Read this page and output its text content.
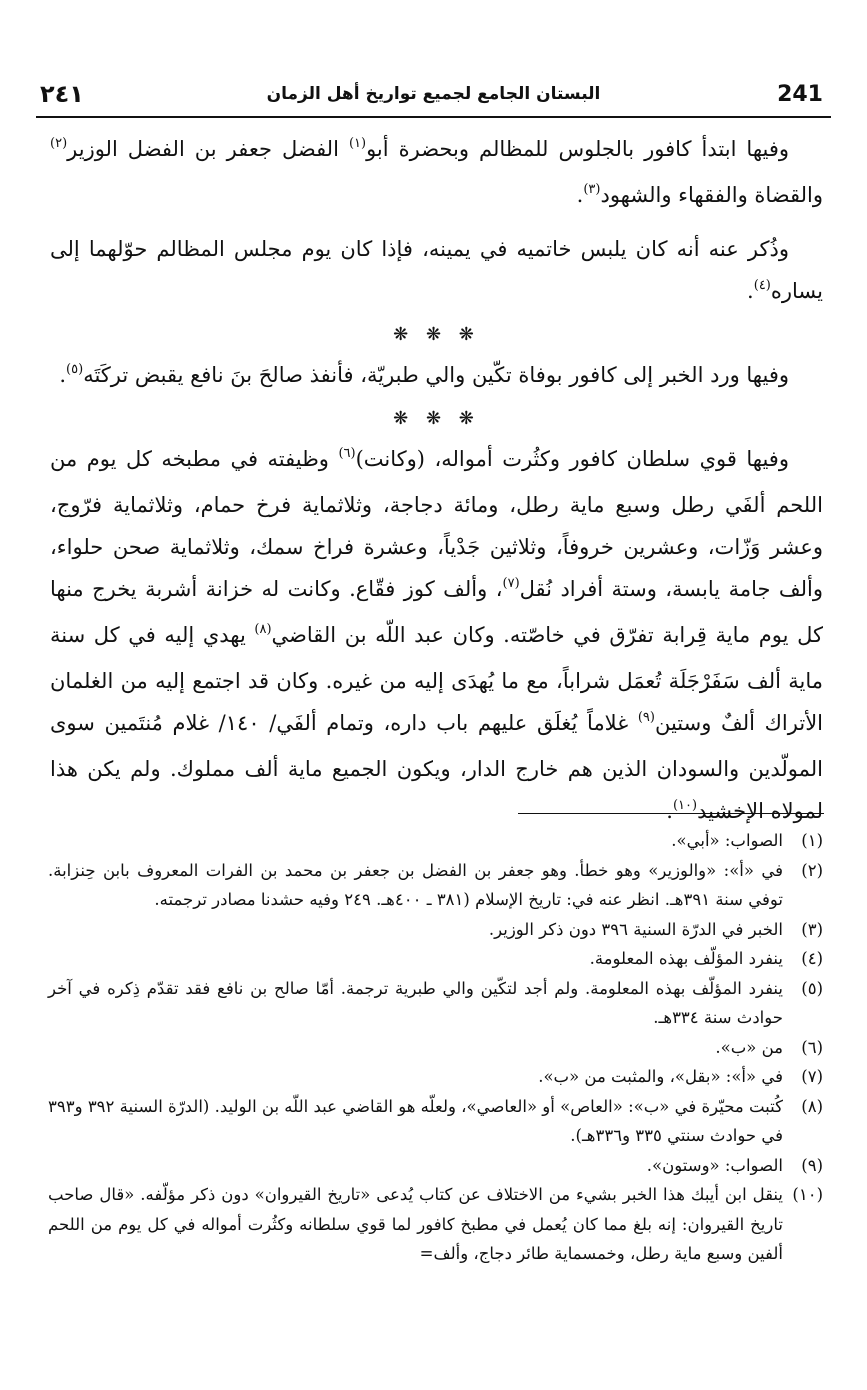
٢٤١	البستان الجامع لجميع تواريخ أهل الزمان	241

وفيها ابتدأ كافور بالجلوس للمظالم وبحضرة أبو$^{(١)}$ الفضل جعفر بن الفضل الوزير$^{(٢)}$ والقضاة والفقهاء والشهود$^{(٣)}$.

وذُكر عنه أنه كان يلبس خاتميه في يمينه، فإذا كان يوم مجلس المظالم حوّلهما إلى يساره$^{(٤)}$.

❋ ❋ ❋

وفيها ورد الخبر إلى كافور بوفاة تكّين والي طبريّة، فأنفذ صالحَ بنَ نافع يقبض تركَتَه$^{(٥)}$.

❋ ❋ ❋

وفيها قوي سلطان كافور وكثُرت أمواله، (وكانت)$^{(٦)}$ وظيفته في مطبخه كل يوم من اللحم ألفَي رطل وسبع ماية رطل، ومائة دجاجة، وثلاثماية فرخ حمام، وثلاثماية فرّوج، وعشر وَزّات، وعشرين خروفاً، وثلاثين جَدْياً، وعشرة فراخ سمك، وثلاثماية صحن حلواء، وألف جامة يابسة، وستة أفراد نُقل$^{(٧)}$، وألف كوز فقّاع. وكانت له خزانة أشربة يخرج منها كل يوم ماية قِرابة تفرّق في خاصّته. وكان عبد اللّه بن القاضي$^{(٨)}$ يهدي إليه في كل سنة ماية ألف سَفَرْجَلَة تُعمَل شراباً، مع ما يُهدَى إليه من غيره. وكان قد اجتمع إليه من الغلمان الأتراك ألفٌ وستين$^{(٩)}$ غلاماً يُغلَق عليهم باب داره، وتمام ألفَي/ ١٤٠/ غلام مُنتَمين سوى المولّدين والسودان الذين هم خارج الدار، ويكون الجميع ماية ألف مملوك. ولم يكن هذا لمولاه الإخشيد$^{(١٠)}$.

(١)
الصواب: «أبي».
(٢)
في «أ»: «والوزير» وهو خطأ. وهو جعفر بن الفضل بن جعفر بن محمد بن الفرات المعروف بابن حِنزابة. توفي سنة ٣٩١هـ. انظر عنه في: تاريخ الإسلام (٣٨١ ـ ٤٠٠هـ. ٢٤٩ وفيه حشدنا مصادر ترجمته.
(٣)
الخبر في الدرّة السنية ٣٩٦ دون ذكر الوزير.
(٤)
ينفرد المؤلّف بهذه المعلومة.
(٥)
ينفرد المؤلّف بهذه المعلومة. ولم أجد لتكّين والي طبرية ترجمة. أمّا صالح بن نافع فقد تقدّم ذِكره في آخر حوادث سنة ٣٣٤هـ.
(٦)
من «ب».
(٧)
في «أ»: «بقل»، والمثبت من «ب».
(٨)
كُتبت محيّرة في «ب»: «العاص» أو «العاصي»، ولعلّه هو القاضي عبد اللّه بن الوليد. (الدرّة السنية ٣٩٢ و٣٩٣ في حوادث سنتي ٣٣٥ و٣٣٦هـ).
(٩)
الصواب: «وستون».
(١٠)
ينقل ابن أيبك هذا الخبر بشيء من الاختلاف عن كتاب يُدعى «تاريخ القيروان» دون ذكر مؤلّفه. «قال صاحب تاريخ القيروان: إنه بلغ مما كان يُعمل في مطبخ كافور لما قوي سلطانه وكثُرت أمواله في كل يوم من اللحم ألفين وسبع ماية رطل، وخمسماية طائر دجاج، وألف=
